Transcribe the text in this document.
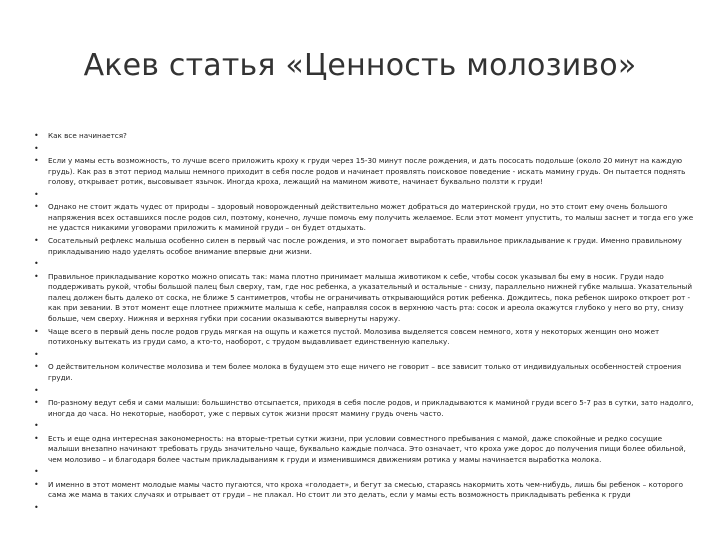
Акев статья «Ценность молозиво»
• Как все начинается?
•
• Если у мамы есть возможность, то лучше всего приложить кроху к груди через 15-30 минут после рождения, и дать пососать подольше (около 20 минут на каждую грудь). Как раз в этот период малыш немного приходит в себя после родов и начинает проявлять поисковое поведение - искать мамину грудь. Он пытается поднять голову, открывает ротик, высовывает язычок. Иногда кроха, лежащий на мамином животе, начинает буквально ползти к груди!
•
• Однако не стоит ждать чудес от природы – здоровый новорожденный действительно может добраться до материнской груди, но это стоит ему очень большого напряжения всех оставшихся после родов сил, поэтому, конечно, лучше помочь ему получить желаемое. Если этот момент упустить, то малыш заснет и тогда его уже не удастся никакими уговорами приложить к маминой груди – он будет отдыхать.
• Сосательный рефлекс малыша особенно силен в первый час после рождения, и это помогает выработать правильное прикладывание к груди. Именно правильному прикладыванию надо уделять особое внимание впервые дни жизни.
•
• Правильное прикладывание коротко можно описать так: мама плотно принимает малыша животиком к себе, чтобы сосок указывал бы ему в носик. Груди надо поддерживать рукой, чтобы большой палец был сверху, там, где нос ребенка, а указательный и остальные - снизу, параллельно нижней губке малыша. Указательный палец должен быть далеко от соска, не ближе 5 сантиметров, чтобы не ограничивать открывающийся ротик ребенка. Дождитесь, пока ребенок широко откроет рот - как при зевании. В этот момент еще плотнее прижмите малыша к себе, направляя сосок в верхнюю часть рта: сосок и ареола окажутся глубоко у него во рту, снизу больше, чем сверху. Нижняя и верхняя губки при сосании оказываются вывернуты наружу.
• Чаще всего в первый день после родов грудь мягкая на ощупь и кажется пустой. Молозива выделяется совсем немного, хотя у некоторых женщин оно может потихоньку вытекать из груди само, а кто-то, наоборот, с трудом выдавливает единственную капельку.
•
• О действительном количестве молозива и тем более молока в будущем это еще ничего не говорит – все зависит только от индивидуальных особенностей строения груди.
•
• По-разному ведут себя и сами малыши: большинство отсыпается, приходя в себя после родов, и прикладываются к маминой груди всего 5-7 раз в сутки, зато надолго, иногда до часа. Но некоторые, наоборот, уже с первых суток жизни просят мамину грудь очень часто.
•
• Есть и еще одна интересная закономерность: на вторые-третьи сутки жизни, при условии совместного пребывания с мамой, даже спокойные и редко сосущие малыши внезапно начинают требовать грудь значительно чаще, буквально каждые полчаса. Это означает, что кроха уже дорос до получения пищи более обильной, чем молозиво – и благодаря более частым прикладываниям к груди и изменившимся движениям ротика у мамы начинается выработка молока.
•
• И именно в этот момент молодые мамы часто пугаются, что кроха «голодает», и бегут за смесью, стараясь накормить хоть чем-нибудь, лишь бы ребенок – которого сама же мама в таких случаях и отрывает от груди – не плакал. Но стоит ли это делать, если у мамы есть возможность прикладывать ребенка к груди
•
